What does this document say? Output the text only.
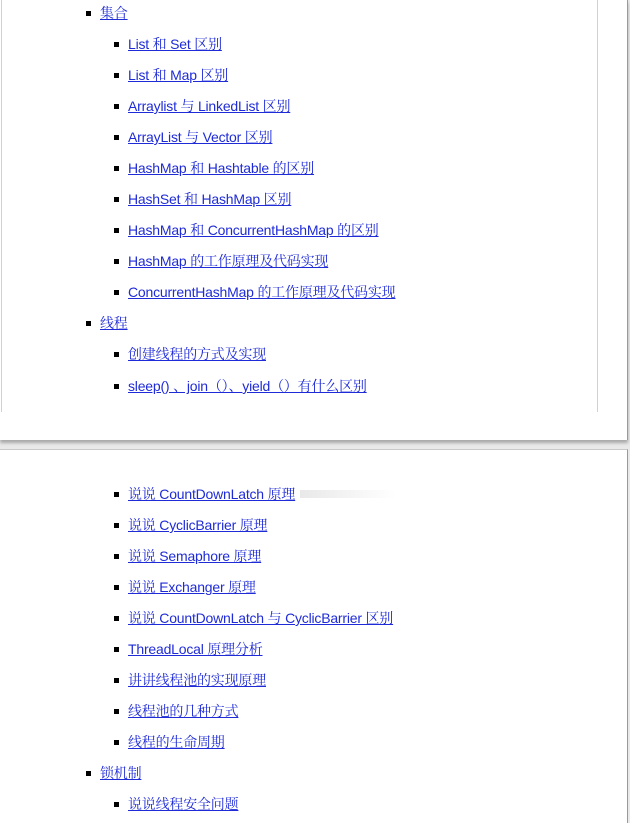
集合
List 和 Set 区别
List 和 Map 区别
Arraylist 与 LinkedList 区别
ArrayList 与 Vector 区别
HashMap 和 Hashtable 的区别
HashSet 和 HashMap 区别
HashMap 和 ConcurrentHashMap 的区别
HashMap 的工作原理及代码实现
ConcurrentHashMap 的工作原理及代码实现
线程
创建线程的方式及实现
sleep() 、join（）、yield（）有什么区别
说说 CountDownLatch 原理
说说 CyclicBarrier 原理
说说 Semaphore 原理
说说 Exchanger 原理
说说 CountDownLatch 与 CyclicBarrier 区别
ThreadLocal 原理分析
讲讲线程池的实现原理
线程池的几种方式
线程的生命周期
锁机制
说说线程安全问题
